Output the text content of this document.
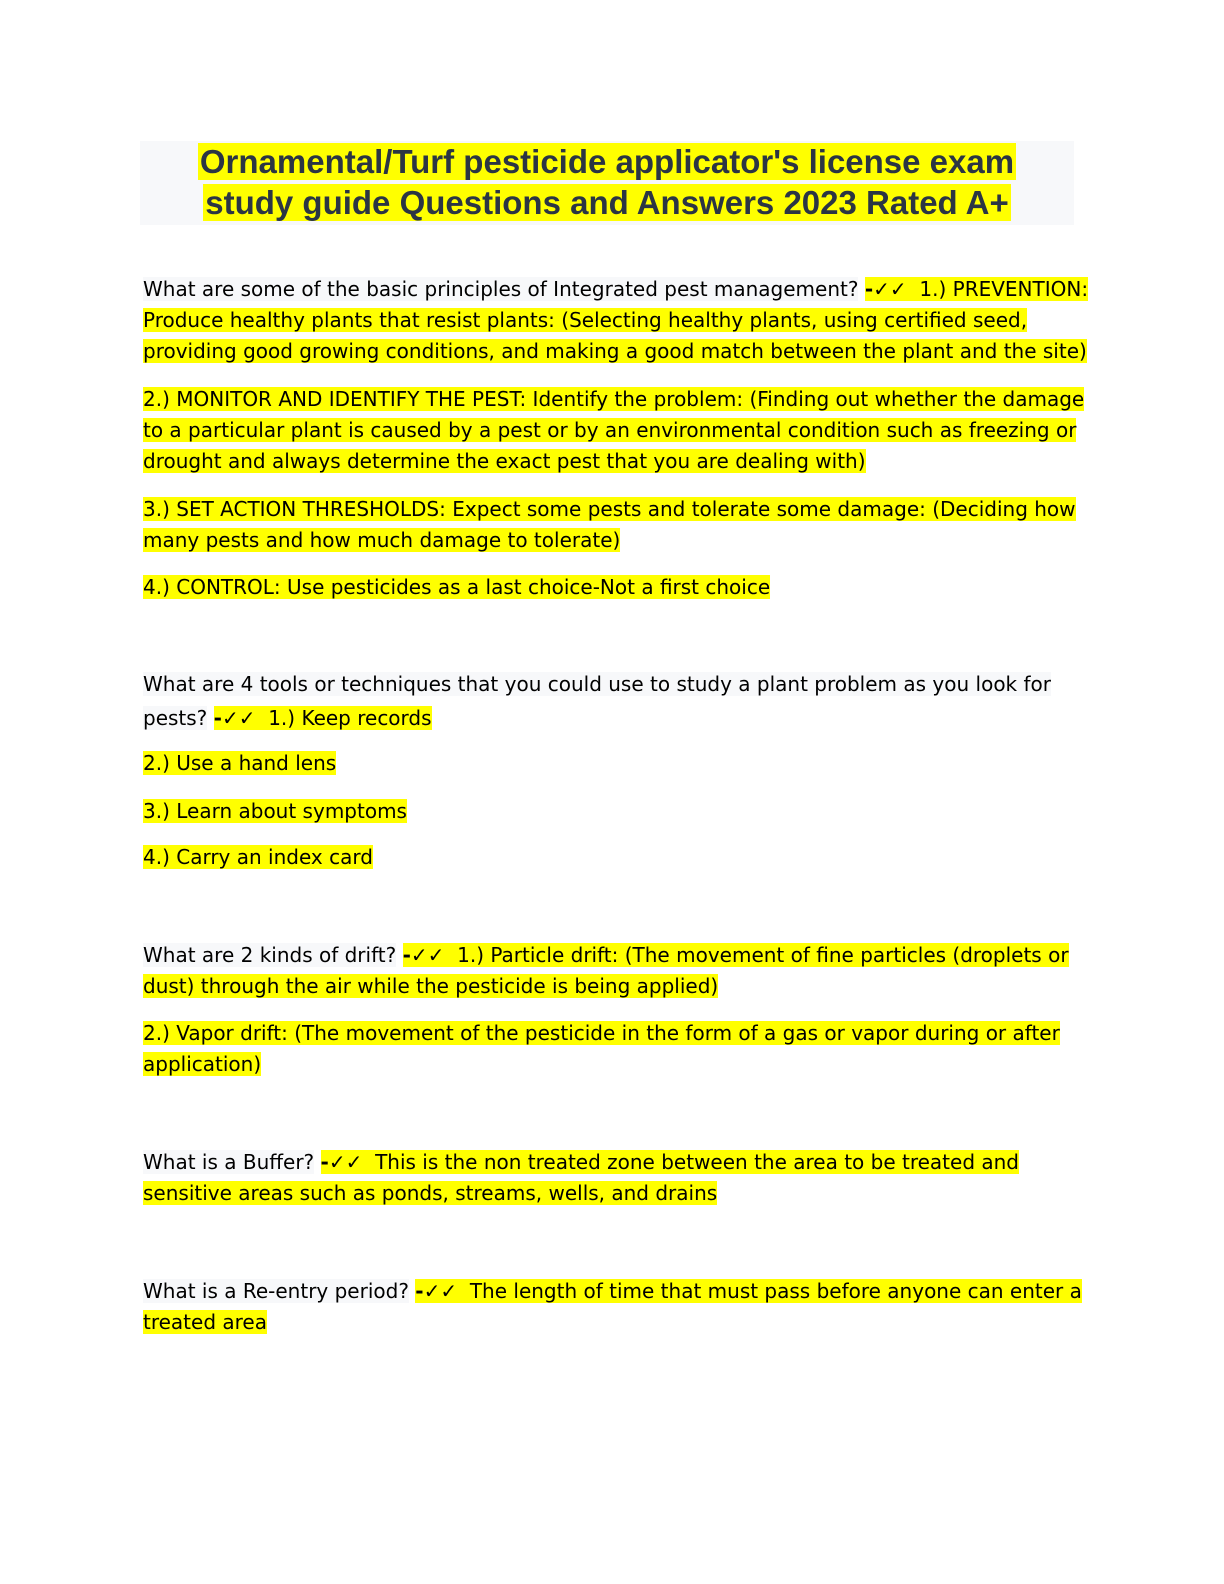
Ornamental/Turf pesticide applicator's license exam
study guide Questions and Answers 2023 Rated A+

What are some of the basic principles of Integrated pest management? -✓✓ 1.) PREVENTION:
Produce healthy plants that resist plants: (Selecting healthy plants, using certified seed,
providing good growing conditions, and making a good match between the plant and the site)

2.) MONITOR AND IDENTIFY THE PEST: Identify the problem: (Finding out whether the damage
to a particular plant is caused by a pest or by an environmental condition such as freezing or
drought and always determine the exact pest that you are dealing with)

3.) SET ACTION THRESHOLDS: Expect some pests and tolerate some damage: (Deciding how
many pests and how much damage to tolerate)

4.) CONTROL: Use pesticides as a last choice-Not a first choice

What are 4 tools or techniques that you could use to study a plant problem as you look for
pests? -✓✓ 1.) Keep records

2.) Use a hand lens

3.) Learn about symptoms

4.) Carry an index card

What are 2 kinds of drift? -✓✓ 1.) Particle drift: (The movement of fine particles (droplets or
dust) through the air while the pesticide is being applied)

2.) Vapor drift: (The movement of the pesticide in the form of a gas or vapor during or after
application)

What is a Buffer? -✓✓ This is the non treated zone between the area to be treated and
sensitive areas such as ponds, streams, wells, and drains

What is a Re-entry period? -✓✓ The length of time that must pass before anyone can enter a
treated area
